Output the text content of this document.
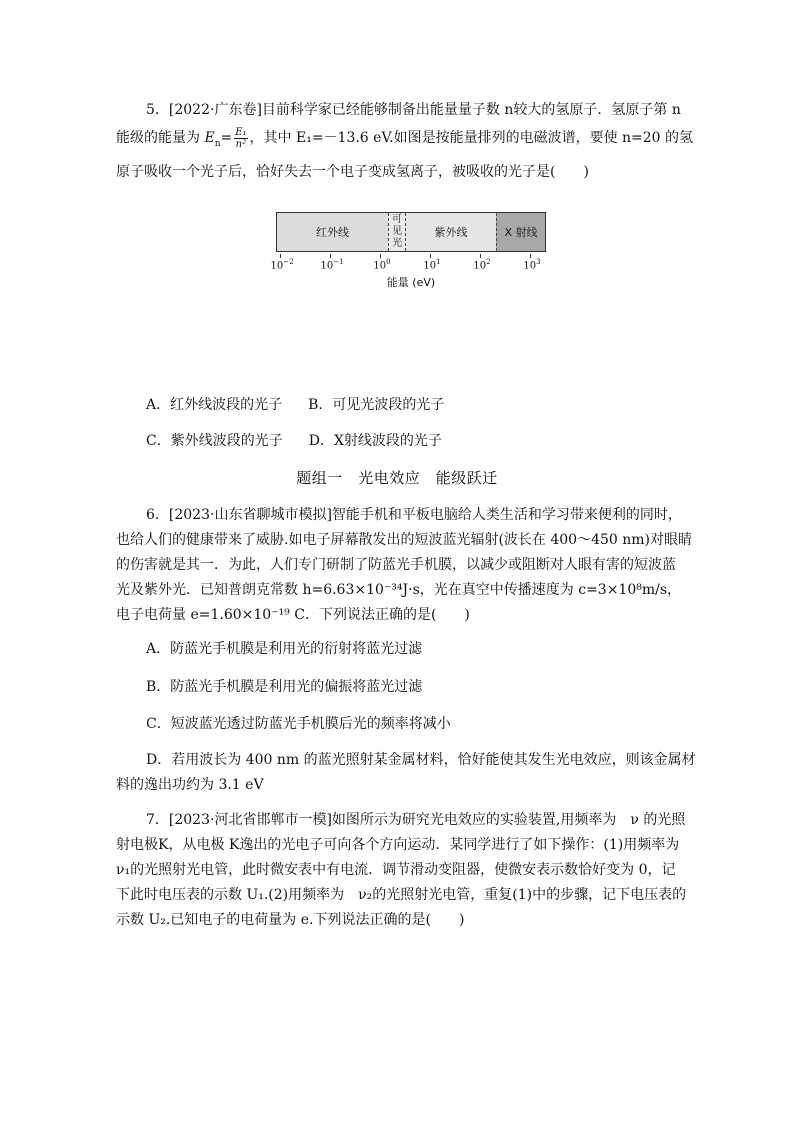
5．[2022·广东卷]目前科学家已经能够制备出能量量子数 n较大的氢原子．氢原子第 n
能级的能量为 $E_n= \frac{\text{E₁}}{\text{n²}}$ ，其中 E₁=－13.6 eV.如图是按能量排列的电磁波谱，要使 n=20 的氢
原子吸收一个光子后，恰好失去一个电子变成氢离子，被吸收的光子是(　　)
红外线
可
见
光
紫外线	X 射线
$10^{-2}$	$10^{-1}$	$10^0$	$10^1$	$10^2$	$10^3$
能量 (eV)
A．红外线波段的光子 B．可见光波段的光子
C．紫外线波段的光子 D．X射线波段的光子
题组一　光电效应　能级跃迁
6．[2023·山东省聊城市模拟]智能手机和平板电脑给人类生活和学习带来便利的同时，
也给人们的健康带来了威胁.如电子屏幕散发出的短波蓝光辐射(波长在 400～450 nm)对眼睛
的伤害就是其一．为此，人们专门研制了防蓝光手机膜，以减少或阻断对人眼有害的短波蓝
光及紫外光．已知普朗克常数 h=6.63×10⁻³⁴J·s，光在真空中传播速度为 c=3×10⁸m/s，
电子电荷量 e=1.60×10⁻¹⁹ C．下列说法正确的是(　　)
A．防蓝光手机膜是利用光的衍射将蓝光过滤
B．防蓝光手机膜是利用光的偏振将蓝光过滤
C．短波蓝光透过防蓝光手机膜后光的频率将减小
D．若用波长为 400 nm 的蓝光照射某金属材料，恰好能使其发生光电效应，则该金属材
料的逸出功约为 3.1 eV
7．[2023·河北省邯郸市一模]如图所示为研究光电效应的实验装置,用频率为　ν 的光照
射电极K，从电极 K逸出的光电子可向各个方向运动．某同学进行了如下操作：(1)用频率为
ν₁的光照射光电管，此时微安表中有电流．调节滑动变阻器，使微安表示数恰好变为 0，记
下此时电压表的示数 U₁.(2)用频率为　ν₂的光照射光电管，重复(1)中的步骤，记下电压表的
示数 U₂.已知电子的电荷量为 e.下列说法正确的是(　　)
